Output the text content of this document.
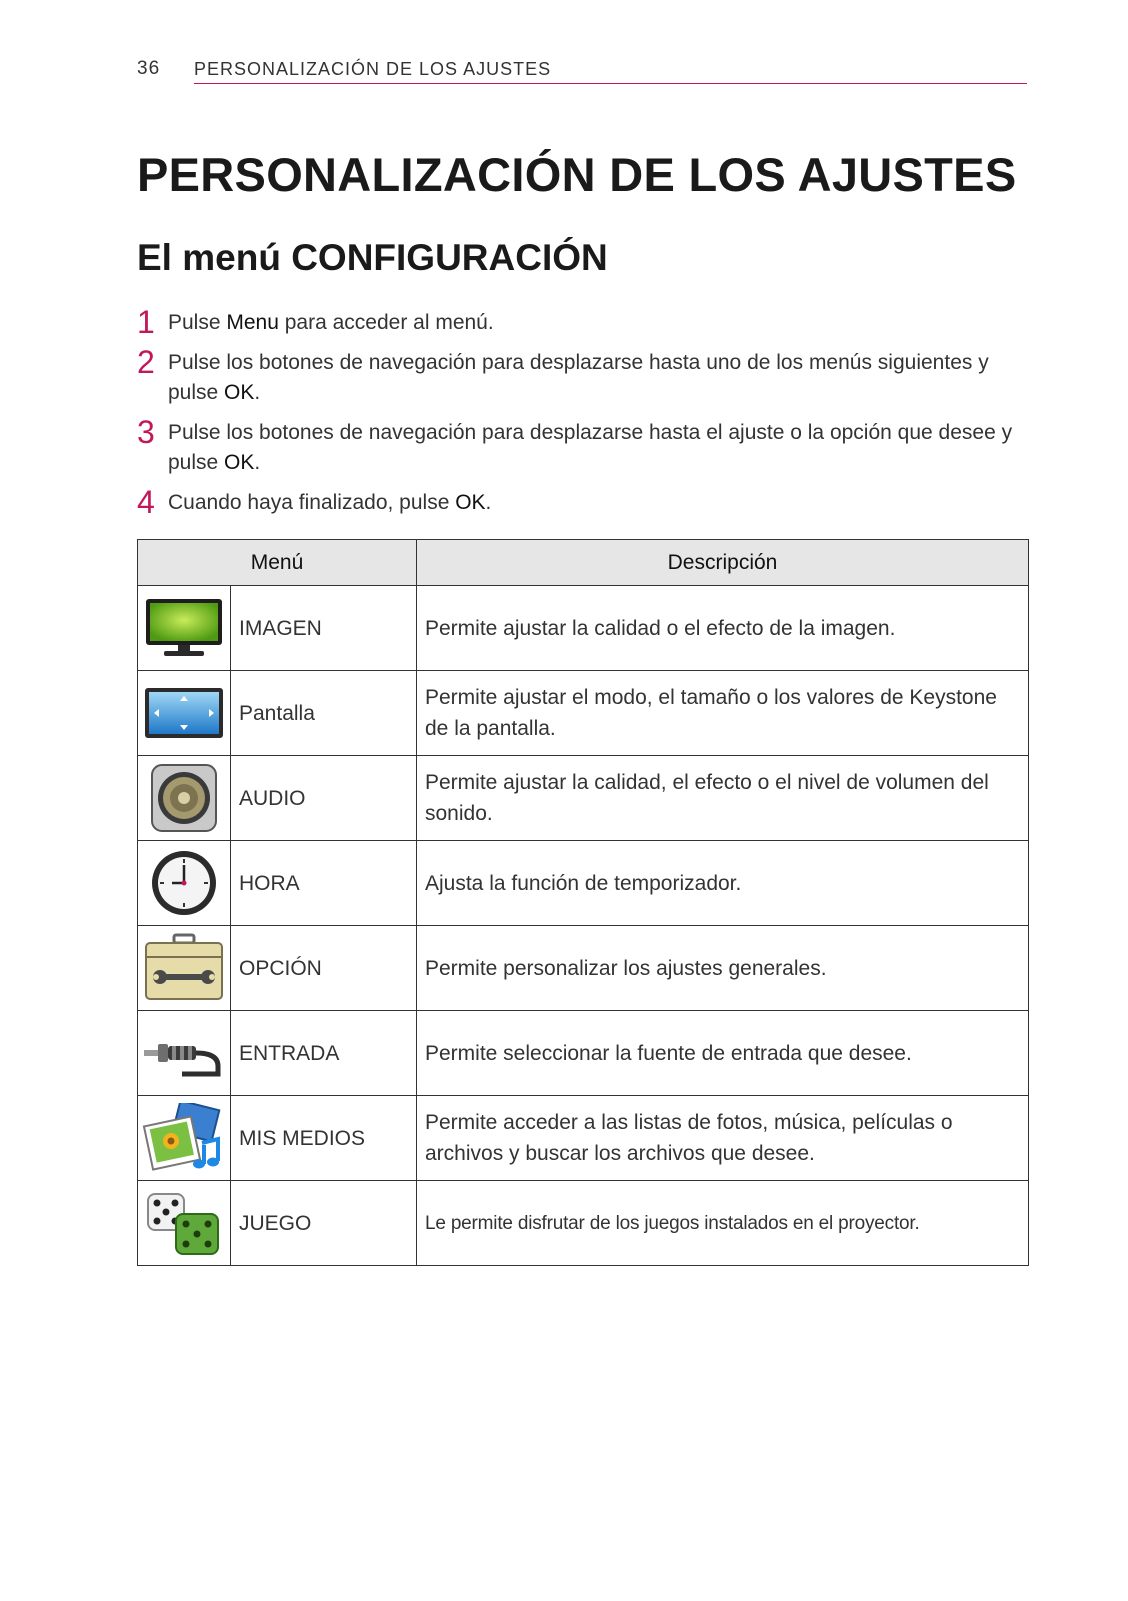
36 PERSONALIZACIÓN DE LOS AJUSTES
PERSONALIZACIÓN DE LOS AJUSTES
El menú CONFIGURACIÓN
1 Pulse Menu para acceder al menú.
2 Pulse los botones de navegación para desplazarse hasta uno de los menús siguientes y pulse OK.
3 Pulse los botones de navegación para desplazarse hasta el ajuste o la opción que desee y pulse OK.
4 Cuando haya finalizado, pulse OK.
Menú		Descripción

	IMAGEN	Permite ajustar la calidad o el efecto de la imagen.

	Pantalla	Permite ajustar el modo, el tamaño o los valores de Keystone de la pantalla.

	AUDIO	Permite ajustar la calidad, el efecto o el nivel de volumen del sonido.

	HORA	Ajusta la función de temporizador.

	OPCIÓN	Permite personalizar los ajustes generales.

	ENTRADA	Permite seleccionar la fuente de entrada que desee.

	MIS MEDIOS	Permite acceder a las listas de fotos, música, películas o archivos y buscar los archivos que desee.

	JUEGO	Le permite disfrutar de los juegos instalados en el proyector.
